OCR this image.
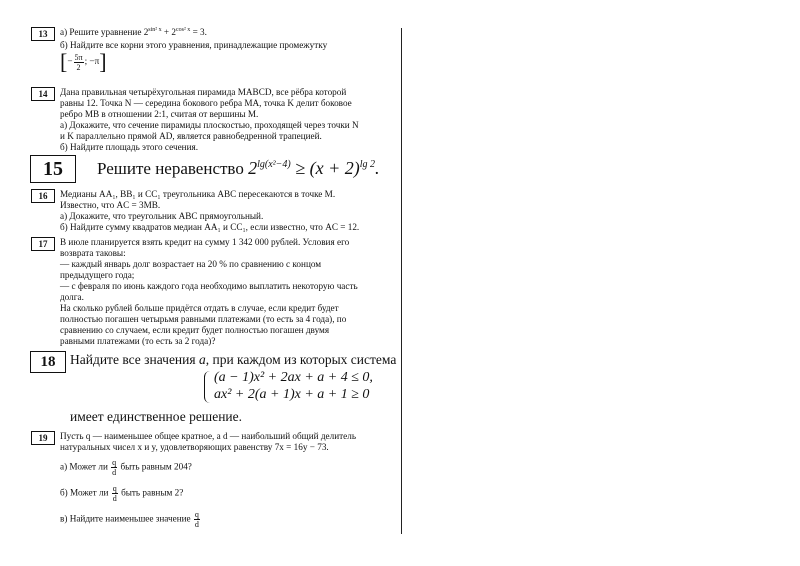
13	а) Решите уравнение $2^{sin^2 x} + 2^{cos^2 x} = 3$.

б) Найдите все корни этого уравнения, принадлежащие промежутку

[− $\frac{5\pi}{2}$ ; −π]

14	Дана правильная четырёхугольная пирамида MABCD, все рёбра которой

равны 12. Точка N — середина бокового ребра MA, точка K делит боковое

ребро MB в отношении 2:1, считая от вершины M.

а) Докажите, что сечение пирамиды плоскостью, проходящей через точки N

и K параллельно прямой AD, является равнобедренной трапецией.

б) Найдите площадь этого сечения.

15	Решите неравенство $2^{lg(x^2-4)} \ge (x + 2)^{lg 2}$.
16	Медианы AA₁, BB₁ и CC₁ треугольника ABC пересекаются в точке M.

Известно, что AC = 3MB.

а) Докажите, что треугольник ABC прямоугольный.

б) Найдите сумму квадратов медиан AA₁ и CC₁, если известно, что AC = 12.

17	В июле планируется взять кредит на сумму 1 342 000 рублей. Условия его

возврата таковы:

— каждый январь долг возрастает на 20 % по сравнению с концом

предыдущего года;

— с февраля по июнь каждого года необходимо выплатить некоторую часть

долга.

На сколько рублей больше придётся отдать в случае, если кредит будет

полностью погашен четырьмя равными платежами (то есть за 4 года), по

сравнению со случаем, если кредит будет полностью погашен двумя

равными платежами (то есть за 2 года)?

18	Найдите все значения a, при каждом из которых система
(a − 1)x² + 2ax + a + 4 ≤ 0,
ax² + 2(a + 1)x + a + 1 ≥ 0
имеет единственное решение.
19	Пусть q — наименьшее общее кратное, а d — наибольший общий делитель

натуральных чисел x и y, удовлетворяющих равенству 7x = 16y − 73.

а) Может ли $\frac{q}{d}$ быть равным 204?
б) Может ли $\frac{q}{d}$ быть равным 2?
в) Найдите наименьшее значение $\frac{q}{d}$
